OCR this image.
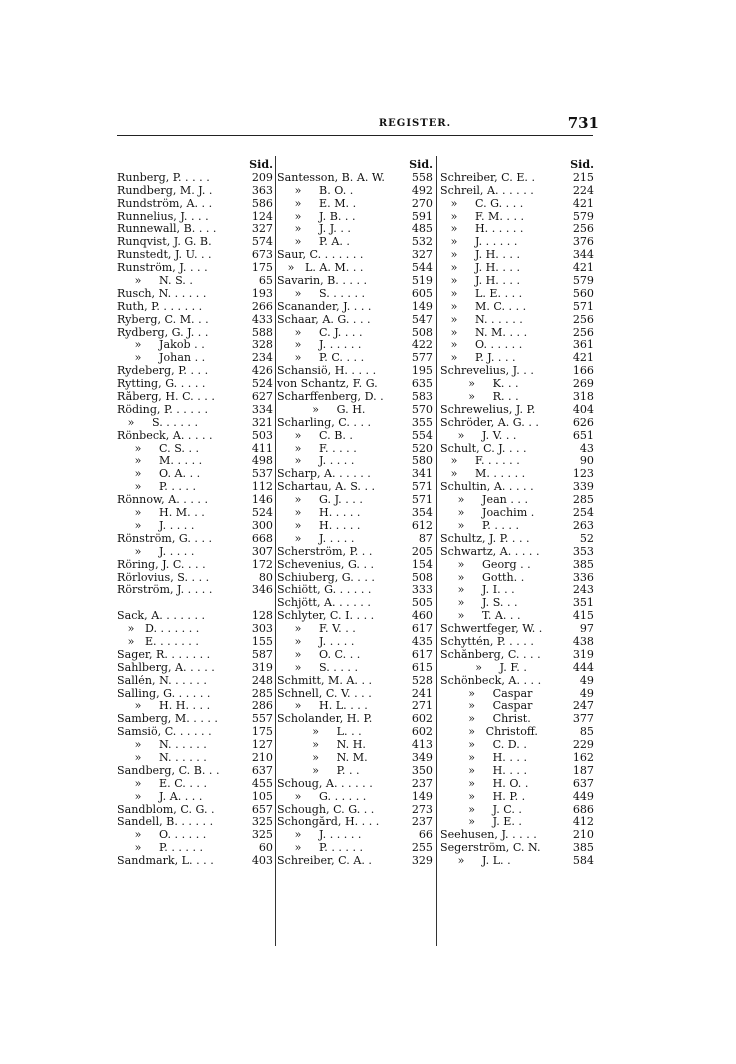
REGISTER.	731
Sid.
Runberg, P. . . . .	209
Rundberg, M. J. .	363
Rundström, A. . .	586
Runnelius, J. . . .	124
Runnewall, B. . . .	327
Runqvist, J. G. B.	574
Runstedt, J. U. . .	673
Runström, J. . . .	175
»     N. S. .	65
Rusch, N. . . . . .	193
Ruth, P. . . . . . .	266
Ryberg, C. M. . .	433
Rydberg, G. J. . .	588
»     Jakob . .	328
»     Johan . .	234
Rydeberg, P. . . .	426
Rytting, G. . . . .	524
Råberg, H. C. . . .	627
Röding, P. . . . . .	334
»     S. . . . . .	321
Rönbeck, A. . . . .	503
»     C. S. . .	411
»     M. . . . .	498
»     O. A. . .	537
»     P. . . . .	112
Rönnow, A. . . . .	146
»     H. M. . .	524
»     J. . . . .	300
Rönström, G. . . .	668
»     J. . . . .	307
Röring, J. C. . . .	172
Rörlovius, S. . . .	80
Rörström, J. . . . .	346
Sack, A. . . . . . .	128
»   D. . . . . . .	303
»   E. . . . . . .	155
Sager, R. . . . . . .	587
Sahlberg, A. . . . .	319
Sallén, N. . . . . .	248
Salling, G. . . . . .	285
»     H. H. . . .	286
Samberg, M. . . . .	557
Samsiö, C. . . . . .	175
»     N. . . . . .	127
»     N. . . . . .	210
Sandberg, C. B. . .	637
»     E. C. . . .	455
»     J. A. . . .	105
Sandblom, C. G. .	657
Sandell, B. . . . . .	325
»     O. . . . . .	325
»     P. . . . . .	60
Sandmark, L. . . .	403
Sid.
Santesson, B. A. W.	558
»     B. O. .	492
»     E. M. .	270
»     J. B. . .	591
»     J. J. . .	485
»     P. A. .	532
Saur, C. . . . . . .	327
»   L. A. M. . .	544
Savarin, B. . . . .	519
»     S. . . . . .	605
Scanander, J. . . .	149
Schaar, A. G. . . .	547
»     C. J. . . .	508
»     J. . . . . .	422
»     P. C. . . .	577
Schansiö, H. . . . .	195
von Schantz, F. G.	635
Scharffenberg, D. .	583
»     G. H.	570
Scharling, C. . . .	355
»     C. B. .	554
»     F. . . . .	520
»     J. . . . .	580
Scharp, A. . . . . .	341
Schartau, A. S. . .	571
»     G. J. . . .	571
»     H. . . . .	354
»     H. . . . .	612
»     J. . . . .	87
Scherström, P. . .	205
Schevenius, G. . .	154
Schiuberg, G. . . .	508
Schiött, G. . . . . .	333
Schjött, A. . . . . .	505
Schlyter, C. I. . . .	460
»     F. V. . .	617
»     J. . . . .	435
»     O. C. . .	617
»     S. . . . .	615
Schmitt, M. A. . .	528
Schnell, C. V. . . .	241
»     H. L. . . .	271
Scholander, H. P.	602
»     L. . .	602
»     N. H.	413
»     N. M.	349
»     P. . .	350
Schoug, A. . . . . .	237
»     G. . . . . .	149
Schough, C. G. . .	273
Schongård, H. . . .	237
»     J. . . . . .	66
»     P. . . . . .	255
Schreiber, C. A. .	329
Sid.
Schreiber, C. E. .	215
Schreil, A. . . . . .	224
»     C. G. . . .	421
»     F. M. . . .	579
»     H. . . . . .	256
»     J. . . . . .	376
»     J. H. . . .	344
»     J. H. . . .	421
»     J. H. . . .	579
»     L. E. . . .	560
»     M. C. . . .	571
»     N. . . . . .	256
»     N. M. . . .	256
»     O. . . . . .	361
»     P. J. . . .	421
Schrevelius, J. . .	166
»     K. . .	269
»     R. . .	318
Schrewelius, J. P.	404
Schröder, A. G. . .	626
»     J. V. . .	651
Schult, C. J. . . .	43
»     F. . . . . .	90
»     M. . . . . .	123
Schultin, A. . . . .	339
»     Jean . . .	285
»     Joachim .	254
»     P. . . . .	263
Schultz, J. P. . . .	52
Schwartz, A. . . . .	353
»     Georg . .	385
»     Gotth. .	336
»     J. I. . .	243
»     J. S. . .	351
»     T. A. . .	415
Schwertfeger, W. .	97
Schyttén, P. . . . .	438
Schånberg, C. . . .	319
»     J. F. .	444
Schönbeck, A. . . .	49
»     Caspar	49
»     Caspar	247
»     Christ.	377
»   Christoff.	85
»     C. D. .	229
»     H. . . .	162
»     H. . . .	187
»     H. O. .	637
»     H. P. .	449
»     J. C. .	686
»     J. E. .	412
Seehusen, J. . . . .	210
Segerström, C. N.	385
»     J. L. .	584
